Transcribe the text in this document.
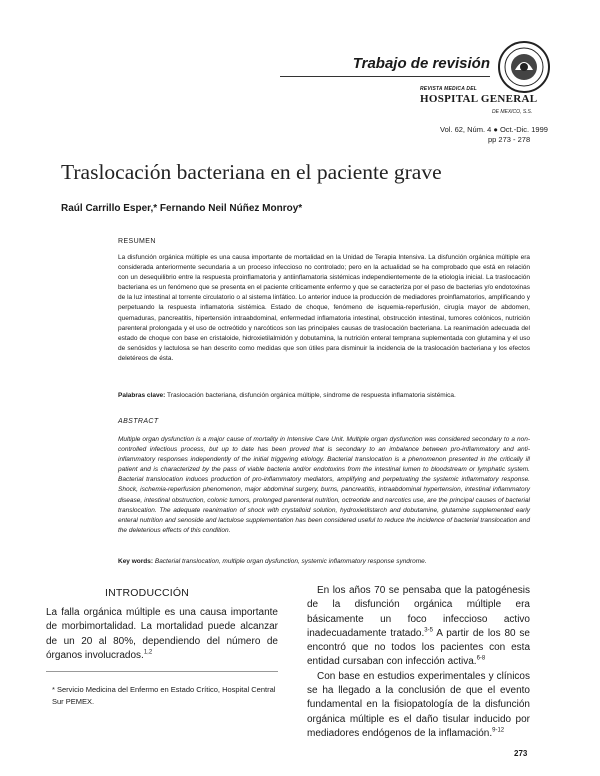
Trabajo de revisión
REVISTA MEDICA DEL
HOSPITAL GENERAL
DE MEXICO, S.S.
Vol. 62, Núm. 4 ● Oct.-Dic. 1999
pp 273 - 278
Traslocación bacteriana en el paciente grave
Raúl Carrillo Esper,* Fernando Neil Núñez Monroy*
RESUMEN
La disfunción orgánica múltiple es una causa importante de mortalidad en la Unidad de Terapia Intensiva. La disfunción orgánica múltiple era considerada anteriormente secundaria a un proceso infeccioso no controlado; pero en la actualidad se ha comprobado que está en relación con un desequilibrio entre la respuesta proinflamatoria y antiinflamatoria sistémicas independientemente de la etiología inicial. La traslocación bacteriana es un fenómeno que se presenta en el paciente críticamente enfermo y que se caracteriza por el paso de bacterias y/o endotoxinas de la luz intestinal al torrente circulatorio o al sistema linfático. Lo anterior induce la producción de mediadores proinflamatorios, amplificando y perpetuando la respuesta inflamatoria sistémica. Estado de choque, fenómeno de isquemia-reperfusión, cirugía mayor de abdomen, quemaduras, pancreatitis, hipertensión intraabdominal, enfermedad inflamatoria intestinal, obstrucción intestinal, tumores colónicos, nutrición parenteral prolongada y el uso de octreótido y narcóticos son las principales causas de traslocación bacteriana. La reanimación adecuada del estado de choque con base en cristaloide, hidroxietilalmidón y dobutamina, la nutrición enteral temprana suplementada con glutamina y el uso de senósidos y lactulosa se han descrito como medidas que son útiles para disminuir la incidencia de la traslocación bacteriana y los efectos deletéreos de ésta.
Palabras clave: Traslocación bacteriana, disfunción orgánica múltiple, síndrome de respuesta inflamatoria sistémica.
ABSTRACT
Multiple organ dysfunction is a major cause of mortality in Intensive Care Unit. Multiple organ dysfunction was considered secondary to a non- controlled infectious process, but up to date has been proved that is secondary to an imbalance between pro-inflammatory and anti-inflammatory responses independently of the initial triggering etiology. Bacterial translocation is a phenomenon presented in the critically ill patient and is characterized by the pass of viable bacteria and/or endotoxins from the intestinal lumen to bloodstream or lymphatic system. Bacterial translocation induces production of pro-inflammatory mediators, amplifying and perpetuating the systemic inflammatory response. Shock, ischemia-reperfusion phenomenon, major abdominal surgery, burns, pancreatitis, intraabdominal hypertension, intestinal inflammatory disease, intestinal obstruction, colonic tumors, prolonged parenteral nutrition, octreotide and narcotics use, are the principal causes of bacterial translocation. The adequate reanimation of shock with crystalloid solution, hydroxietilstarch and dobutamine, glutamine supplemented early enteral nutrition and senoside and lactulose supplementation has been considered useful to reduce the incidence of bacterial translocation and the deleterious effects of this condition.
Key words: Bacterial translocation, multiple organ dysfunction, systemic inflammatory response syndrome.
INTRODUCCIÓN

La falla orgánica múltiple es una causa importante de morbimortalidad. La mortalidad puede alcanzar de un 20 al 80%, dependiendo del número de órganos involucrados.$^{1,2}$

En los años 70 se pensaba que la patogénesis de la disfunción orgánica múltiple era básicamente un foco infeccioso activo inadecuadamente tratado.$^{3-5}$ A partir de los 80 se encontró que no todos los pacientes con esta entidad cursaban con infección activa.$^{6-8}$

Con base en estudios experimentales y clínicos se ha llegado a la conclusión de que el evento fundamental en la fisiopatología de la disfunción orgánica múltiple es el daño tisular inducido por mediadores endógenos de la inflamación.$^{9-12}$

* Servicio Medicina del Enfermo en Estado Crítico, Hospital Central Sur PEMEX.
273
